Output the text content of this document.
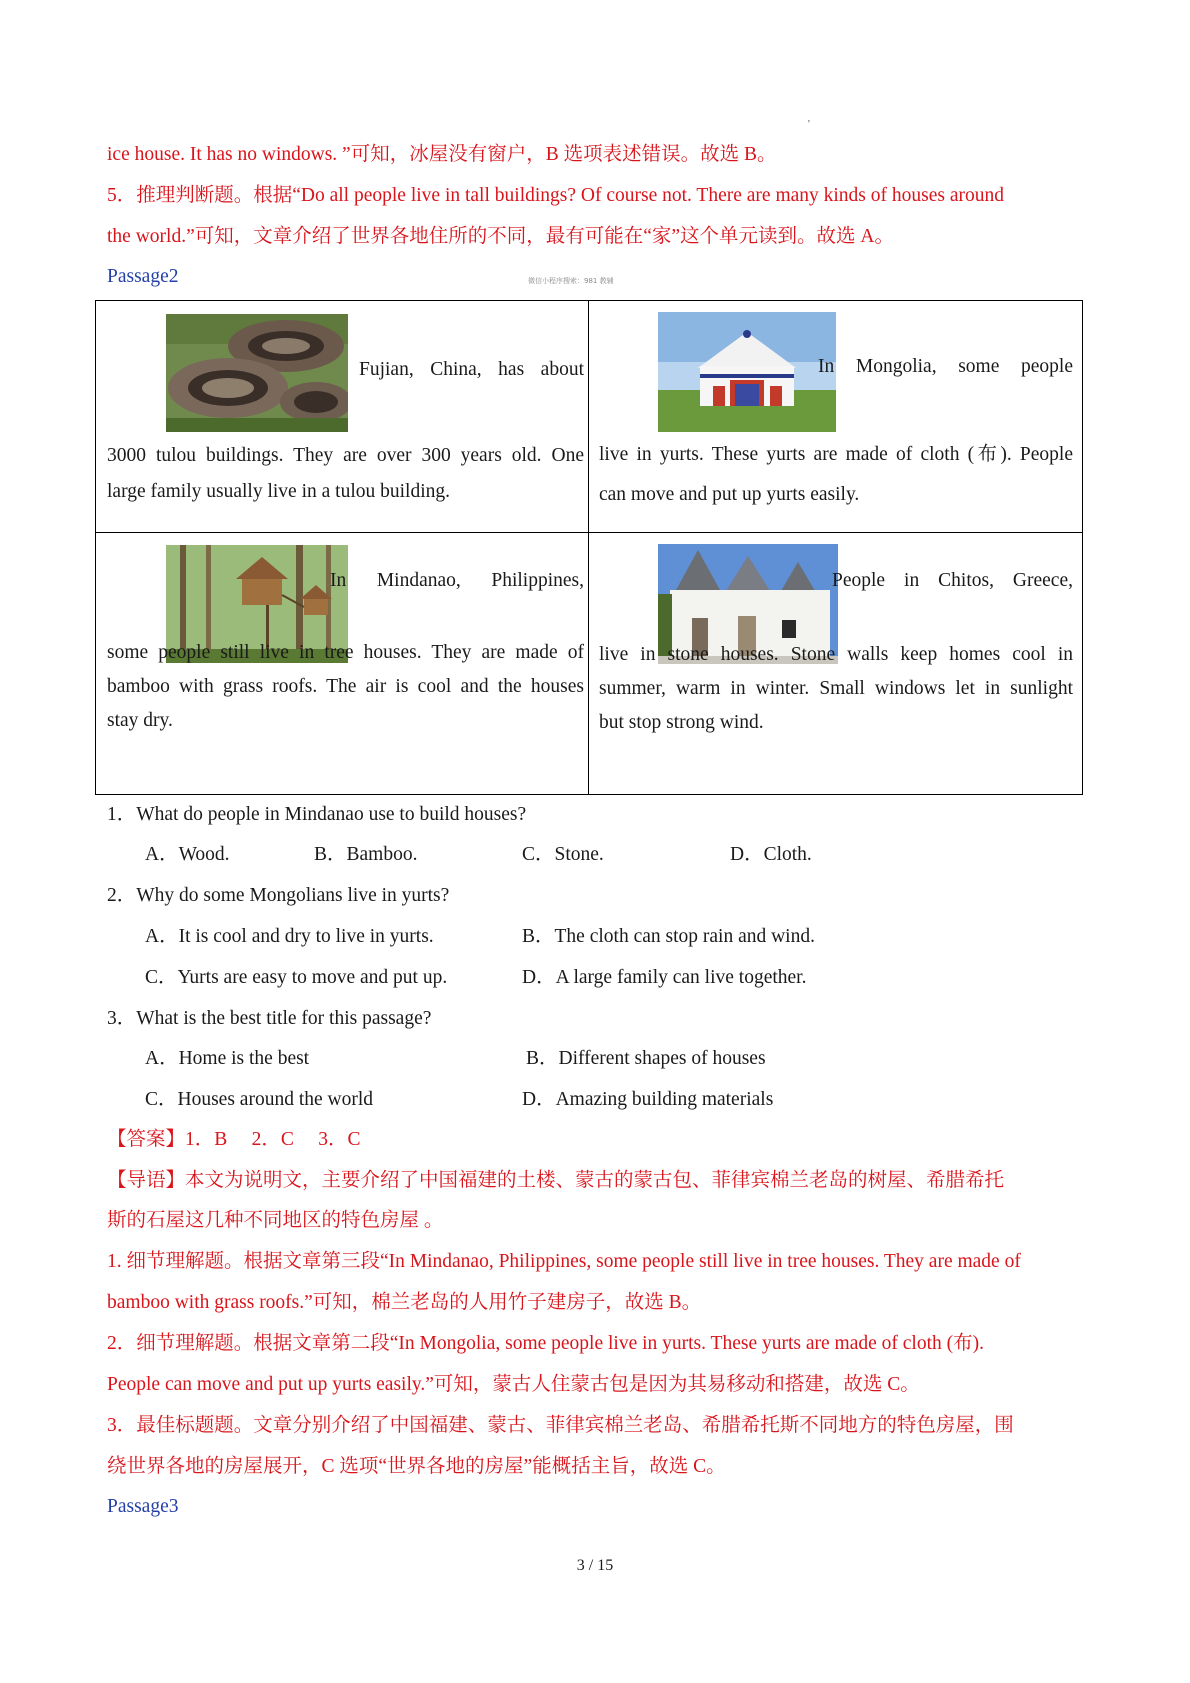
'
ice house. It has no windows. ”可知，冰屋没有窗户，B 选项表述错误。故选 B。
5．推理判断题。根据“Do all people live in tall buildings? Of course not. There are many kinds of houses around
the world.”可知，文章介绍了世界各地住所的不同，最有可能在“家”这个单元读到。故选 A。
Passage2	微信小程序搜索：981 教辅
Fujian, China, has about
3000 tulou buildings. They are over 300 years old. One
large family usually live in a tulou building.
In Mongolia, some people
live in yurts. These yurts are made of cloth (布). People
can move and put up yurts easily.
In Mindanao, Philippines,
some people still live in tree houses. They are made of
bamboo with grass roofs. The air is cool and the houses
stay dry.
People in Chitos, Greece,
live in stone houses. Stone walls keep homes cool in
summer, warm in winter. Small windows let in sunlight
but stop strong wind.
1．What do people in Mindanao use to build houses?
A．Wood.	B．Bamboo.	C．Stone.	D．Cloth.
2．Why do some Mongolians live in yurts?
A．It is cool and dry to live in yurts.	B．The cloth can stop rain and wind.
C．Yurts are easy to move and put up.	D．A large family can live together.
3．What is the best title for this passage?
A．Home is the best	B．Different shapes of houses
C．Houses around the world	D．Amazing building materials
【答案】1．B　 2．C　 3．C
【导语】本文为说明文，主要介绍了中国福建的土楼、蒙古的蒙古包、菲律宾棉兰老岛的树屋、希腊希托
斯的石屋这几种不同地区的特色房屋 。
1. 细节理解题。根据文章第三段“In Mindanao, Philippines, some people still live in tree houses. They are made of
bamboo with grass roofs.”可知，棉兰老岛的人用竹子建房子，故选 B。
2．细节理解题。根据文章第二段“In Mongolia, some people live in yurts. These yurts are made of cloth (布).
People can move and put up yurts easily.”可知，蒙古人住蒙古包是因为其易移动和搭建，故选 C。
3．最佳标题题。文章分别介绍了中国福建、蒙古、菲律宾棉兰老岛、希腊希托斯不同地方的特色房屋，围
绕世界各地的房屋展开，C 选项“世界各地的房屋”能概括主旨，故选 C。
Passage3
3 / 15
